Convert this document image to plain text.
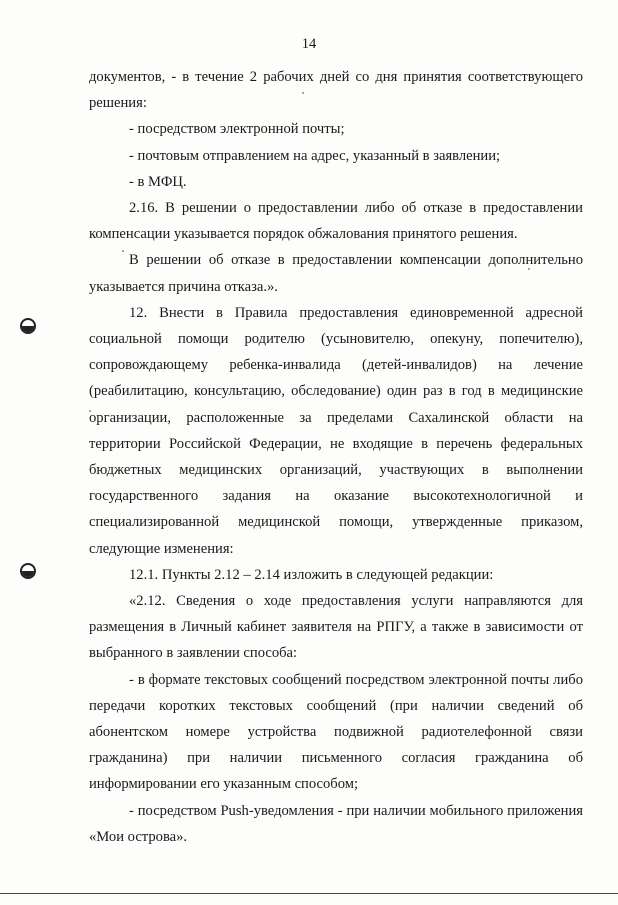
14

документов, - в течение 2 рабочих дней со дня принятия соответствующего решения:

- посредством электронной почты;

- почтовым отправлением на адрес, указанный в заявлении;

- в МФЦ.

2.16. В решении о предоставлении либо об отказе в предоставлении компенсации указывается порядок обжалования принятого решения.

В решении об отказе в предоставлении компенсации дополнительно указывается причина отказа.».

12. Внести в Правила предоставления единовременной адресной социальной помощи родителю (усыновителю, опекуну, попечителю), сопровождающему ребенка-инвалида (детей-инвалидов) на лечение (реабилитацию, консультацию, обследование) один раз в год в медицинские организации, расположенные за пределами Сахалинской области на территории Российской Федерации, не входящие в перечень федеральных бюджетных медицинских организаций, участвующих в выполнении государственного задания на оказание высокотехнологичной и специализированной медицинской помощи, утвержденные приказом, следующие изменения:

12.1. Пункты 2.12 – 2.14 изложить в следующей редакции:

«2.12. Сведения о ходе предоставления услуги направляются для размещения в Личный кабинет заявителя на РПГУ, а также в зависимости от выбранного в заявлении способа:

- в формате текстовых сообщений посредством электронной почты либо передачи коротких текстовых сообщений (при наличии сведений об абонентском номере устройства подвижной радиотелефонной связи гражданина) при наличии письменного согласия гражданина об информировании его указанным способом;

- посредством Push-уведомления - при наличии мобильного приложения «Мои острова».
